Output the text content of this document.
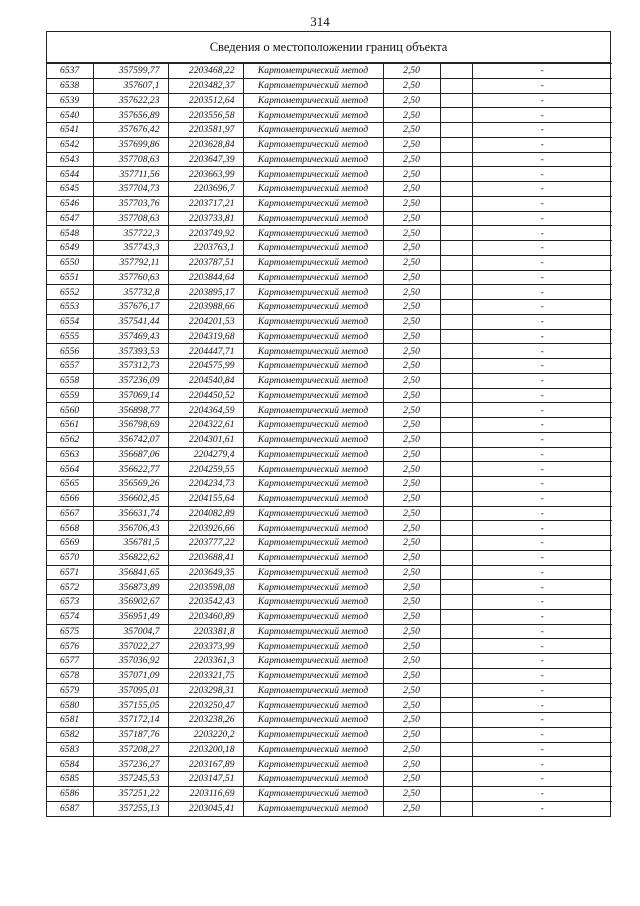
314
Сведения о местоположении границ объекта
6537	357599,77	2203468,22	Картометрический метод	2,50		-
6538	357607,1	2203482,37	Картометрический метод	2,50		-
6539	357622,23	2203512,64	Картометрический метод	2,50		-
6540	357656,89	2203556,58	Картометрический метод	2,50		-
6541	357676,42	2203581,97	Картометрический метод	2,50		-
6542	357699,86	2203628,84	Картометрический метод	2,50		-
6543	357708,63	2203647,39	Картометрический метод	2,50		-
6544	357711,56	2203663,99	Картометрический метод	2,50		-
6545	357704,73	2203696,7	Картометрический метод	2,50		-
6546	357703,76	2203717,21	Картометрический метод	2,50		-
6547	357708,63	2203733,81	Картометрический метод	2,50		-
6548	357722,3	2203749,92	Картометрический метод	2,50		-
6549	357743,3	2203763,1	Картометрический метод	2,50		-
6550	357792,11	2203787,51	Картометрический метод	2,50		-
6551	357760,63	2203844,64	Картометрический метод	2,50		-
6552	357732,8	2203895,17	Картометрический метод	2,50		-
6553	357676,17	2203988,66	Картометрический метод	2,50		-
6554	357541,44	2204201,53	Картометрический метод	2,50		-
6555	357469,43	2204319,68	Картометрический метод	2,50		-
6556	357393,53	2204447,71	Картометрический метод	2,50		-
6557	357312,73	2204575,99	Картометрический метод	2,50		-
6558	357236,09	2204540,84	Картометрический метод	2,50		-
6559	357069,14	2204450,52	Картометрический метод	2,50		-
6560	356898,77	2204364,59	Картометрический метод	2,50		-
6561	356798,69	2204322,61	Картометрический метод	2,50		-
6562	356742,07	2204301,61	Картометрический метод	2,50		-
6563	356687,06	2204279,4	Картометрический метод	2,50		-
6564	356622,77	2204259,55	Картометрический метод	2,50		-
6565	356569,26	2204234,73	Картометрический метод	2,50		-
6566	356602,45	2204155,64	Картометрический метод	2,50		-
6567	356631,74	2204082,89	Картометрический метод	2,50		-
6568	356706,43	2203926,66	Картометрический метод	2,50		-
6569	356781,5	2203777,22	Картометрический метод	2,50		-
6570	356822,62	2203688,41	Картометрический метод	2,50		-
6571	356841,65	2203649,35	Картометрический метод	2,50		-
6572	356873,89	2203598,08	Картометрический метод	2,50		-
6573	356902,67	2203542,43	Картометрический метод	2,50		-
6574	356951,49	2203460,89	Картометрический метод	2,50		-
6575	357004,7	2203381,8	Картометрический метод	2,50		-
6576	357022,27	2203373,99	Картометрический метод	2,50		-
6577	357036,92	2203361,3	Картометрический метод	2,50		-
6578	357071,09	2203321,75	Картометрический метод	2,50		-
6579	357095,01	2203298,31	Картометрический метод	2,50		-
6580	357155,05	2203250,47	Картометрический метод	2,50		-
6581	357172,14	2203238,26	Картометрический метод	2,50		-
6582	357187,76	2203220,2	Картометрический метод	2,50		-
6583	357208,27	2203200,18	Картометрический метод	2,50		-
6584	357236,27	2203167,89	Картометрический метод	2,50		-
6585	357245,53	2203147,51	Картометрический метод	2,50		-
6586	357251,22	2203116,69	Картометрический метод	2,50		-
6587	357255,13	2203045,41	Картометрический метод	2,50		-
